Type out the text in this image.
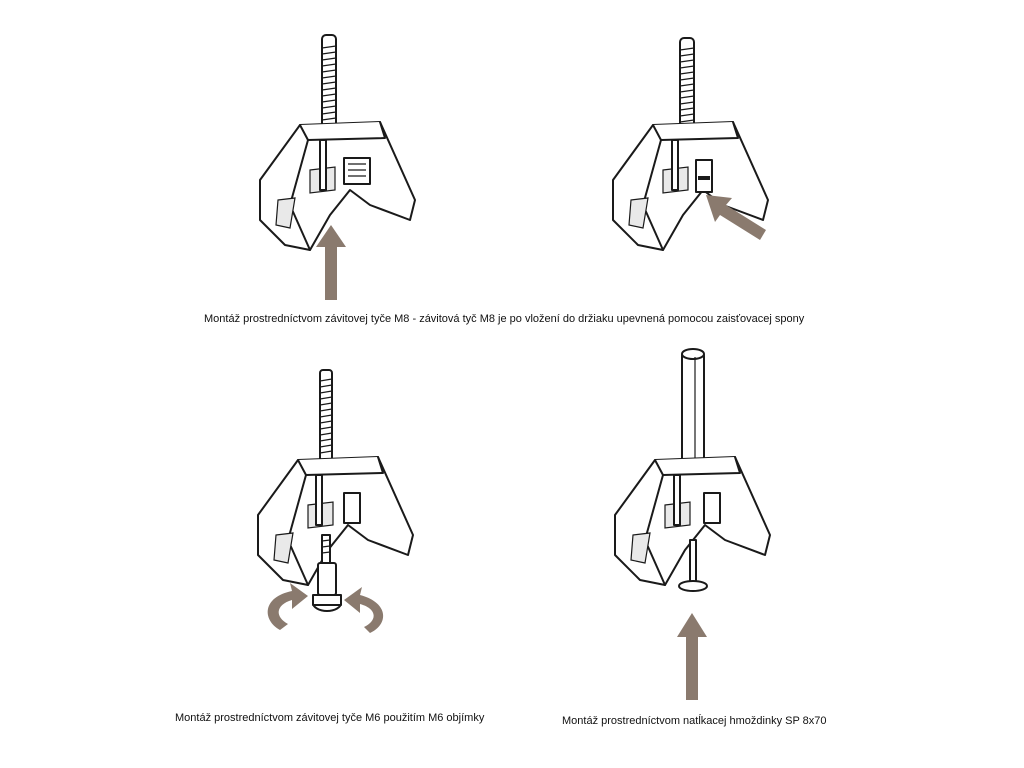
Montáž prostredníctvom závitovej tyče M8 - závitová tyč M8 je po vložení do držiaku upevnená pomocou zaisťovacej spony
Montáž prostredníctvom závitovej tyče M6 použitím M6 objímky	Montáž prostredníctvom natĺkacej hmoždinky SP 8x70
